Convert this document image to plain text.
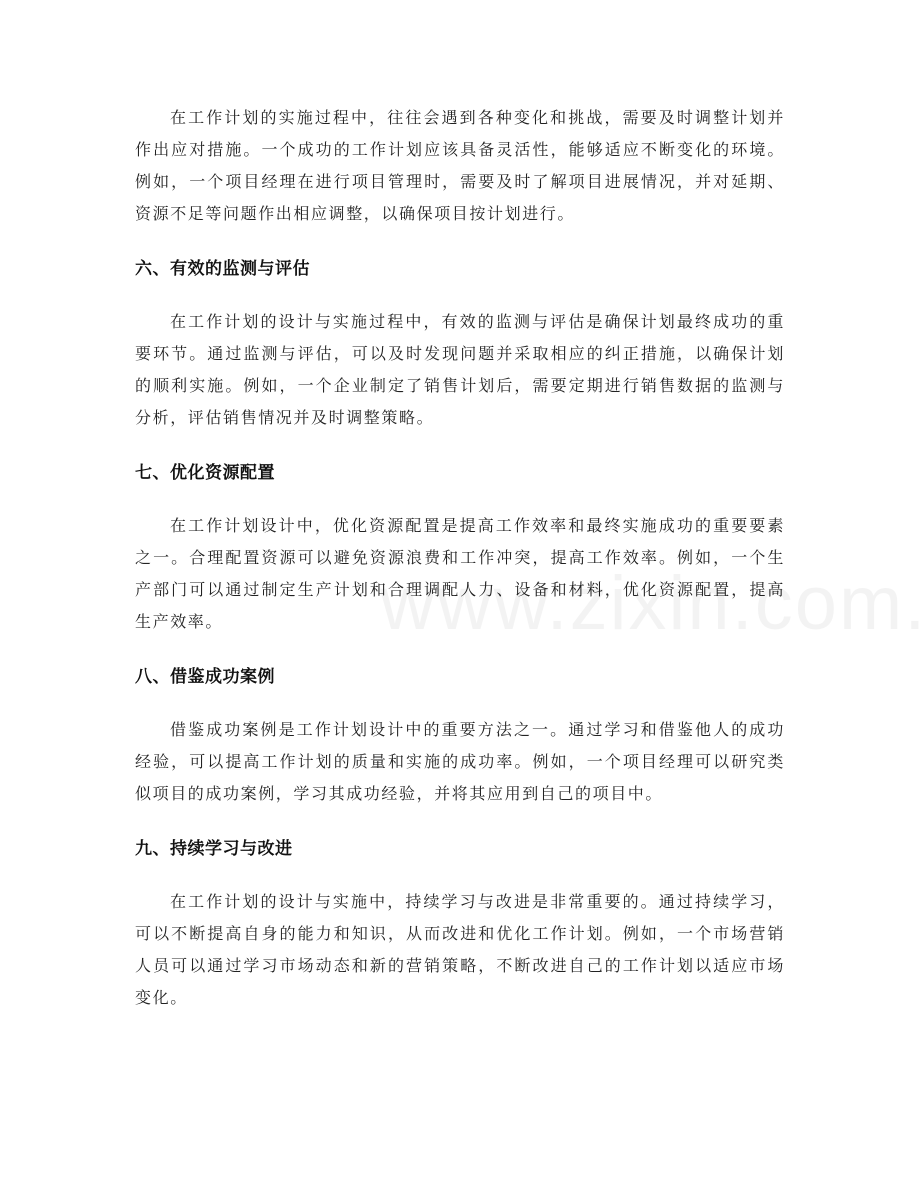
在工作计划的实施过程中，往往会遇到各种变化和挑战，需要及时调整计划并作出应对措施。一个成功的工作计划应该具备灵活性，能够适应不断变化的环境。例如，一个项目经理在进行项目管理时，需要及时了解项目进展情况，并对延期、资源不足等问题作出相应调整，以确保项目按计划进行。

六、有效的监测与评估

在工作计划的设计与实施过程中，有效的监测与评估是确保计划最终成功的重要环节。通过监测与评估，可以及时发现问题并采取相应的纠正措施，以确保计划的顺利实施。例如，一个企业制定了销售计划后，需要定期进行销售数据的监测与分析，评估销售情况并及时调整策略。

七、优化资源配置

在工作计划设计中，优化资源配置是提高工作效率和最终实施成功的重要要素之一。合理配置资源可以避免资源浪费和工作冲突，提高工作效率。例如，一个生产部门可以通过制定生产计划和合理调配人力、设备和材料，优化资源配置，提高生产效率。

八、借鉴成功案例

借鉴成功案例是工作计划设计中的重要方法之一。通过学习和借鉴他人的成功经验，可以提高工作计划的质量和实施的成功率。例如，一个项目经理可以研究类似项目的成功案例，学习其成功经验，并将其应用到自己的项目中。

九、持续学习与改进

在工作计划的设计与实施中，持续学习与改进是非常重要的。通过持续学习，可以不断提高自身的能力和知识，从而改进和优化工作计划。例如，一个市场营销人员可以通过学习市场动态和新的营销策略，不断改进自己的工作计划以适应市场变化。
